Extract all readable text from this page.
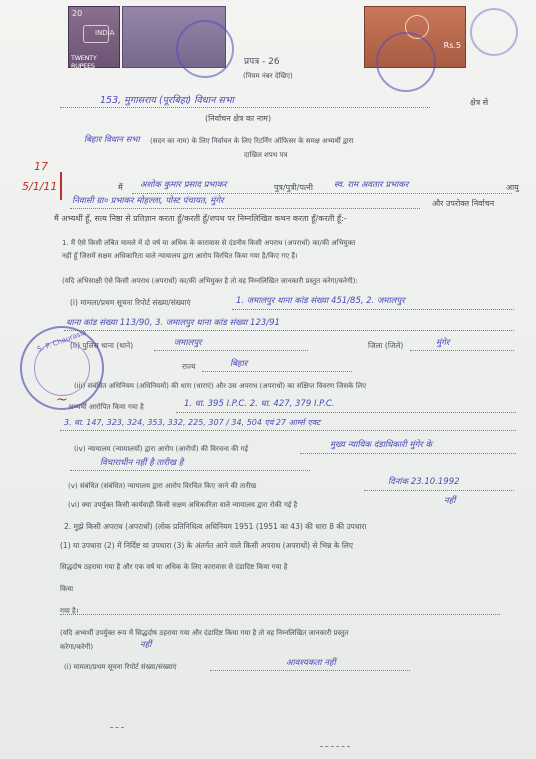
20
INDIA
TWENTY RUPEES
Rs.5
प्रपत्र - 26
(नियम नंबर देखिए)
153, मुगासराय (पूरबिहा) विधान सभा	क्षेत्र से
(निर्वाचन क्षेत्र का नाम)
बिहार विधान सभा (सदन का नाम) के लिए निर्वाचन के लिए रिटर्निंग ऑफिसर के समक्ष अभ्यर्थी द्वारा
दाखिल शपथ पत्र
17
5/1/11	मैं अशोक कुमार प्रसाद प्रभाकर	पुत्र/पुत्री/पत्नी स्व. राम अवतार प्रभाकर	आयु
निवासी ग्रा० प्रभाकर मोहल्ला, पोस्ट पंचायत, मुंगेर	और उपरोक्त निर्वाचन
मैं अभ्यर्थी हूँ, सत्य निष्ठा से प्रतिज्ञान करता हूँ/करती हूँ/शपथ पर निम्नलिखित कथन करता हूँ/करती हूँ:-
1. मैं ऐसे किसी लंबित मामले में दो वर्ष या अधिक के कारावास से दंडनीय किसी अपराध (अपराधों) का/की अभियुक्त
नहीं हूँ जिसमें सक्षम अधिकारिता वाले न्यायालय द्वारा आरोप विरचित किया गया है/किए गए हैं।
(यदि अभिसाक्षी ऐसे किसी अपराध (अपराधों) का/की अभियुक्त है तो वह निम्नलिखित जानकारी प्रस्तुत करेगा/करेगी):
(i) मामला/प्रथम सूचना रिपोर्ट संख्या/संख्याएं	1. जमालपुर थाना कांड संख्या 451/85, 2. जमालपुर
थाना कांड संख्या 113/90, 3. जमालपुर थाना कांड संख्या 123/91
(ii) पुलिस थाना (थाने)	जमालपुर	जिला (जिले)	मुंगेर
राज्य	बिहार
(iii) संबंधित अधिनियम (अधिनियमों) की धारा (धाराएं) और उस अपराध (अपराधों) का संक्षिप्त विवरण जिसके लिए
अभ्यर्थी आरोपित किया गया है	1. धा. 395 I.P.C. 2. धा. 427, 379 I.P.C.
3. धा. 147, 323, 324, 353, 332, 225, 307 / 34, 504 एवं 27 आर्म्स एक्ट
(iv) न्यायालय (न्यायालयों) द्वारा आरोप (आरोपों) की विरचना की गई	मुख्य न्यायिक दंडाधिकारी मुंगेर के
विचाराधीन नहीं है तारीख है
(v) संबंधित (संबंधित) न्यायालय द्वारा आरोप विरचित किए जाने की तारीख	दिनांक 23.10.1992
(vi) क्या उपर्युक्त किसी कार्यवाही किसी सक्षम अधिकारिता वाले न्यायालय द्वारा रोकी गई है	नहीं
S. P. Chaurasia
~
2. मुझे किसी अपराध (अपराधों) (लोक प्रतिनिधित्व अधिनियम 1951 (1951 का 43) की धारा 8 की उपधारा
(1) या उपधारा (2) में निर्दिष्ट या उपधारा (3) के अंतर्गत आने वाले किसी अपराध (अपराधों) से भिन्न के लिए
सिद्धदोष ठहराया गया है और एक वर्ष या अधिक के लिए कारावास से दंडादिष्ट किया गया है
किया
गया है।
(यदि अभ्यर्थी उपर्युक्त रूप में सिद्धदोष ठहराया गया और दंडादिष्ट किया गया है तो वह निम्नलिखित जानकारी प्रस्तुत
करेगा/करेगी)	नहीं
(i) मामला/प्रथम सूचना रिपोर्ट संख्या/संख्याएं	आवश्यकता नहीं
